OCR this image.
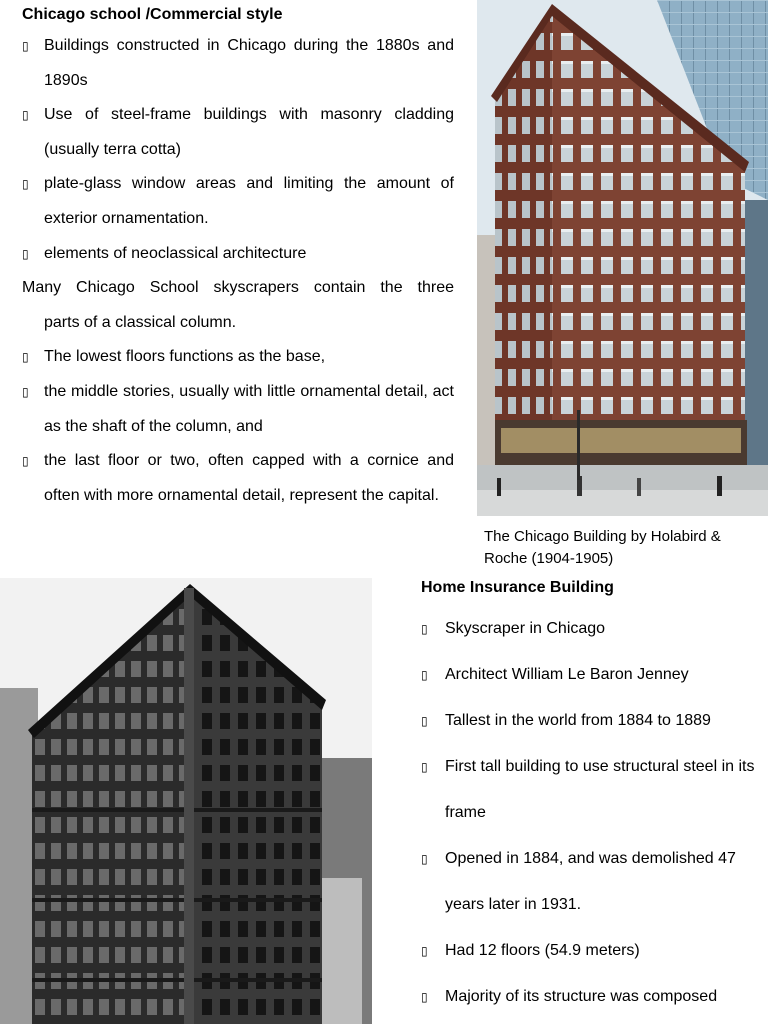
Chicago school /Commercial style
▯ Buildings constructed in Chicago during the 1880s and 1890s
▯ Use of steel-frame buildings with masonry cladding (usually terra cotta)
▯ plate-glass window areas and limiting the amount of exterior ornamentation.
▯ elements of neoclassical architecture
Many Chicago School skyscrapers contain the three
parts of a classical column.
▯ The lowest floors functions as the base,
▯ the middle stories, usually with little ornamental detail, act as the shaft of the column, and
▯ the last floor or two, often capped with a cornice and often with more ornamental detail, represent the capital.
The Chicago Building by Holabird & Roche (1904-1905)
Home Insurance Building
▯ Skyscraper in Chicago
▯ Architect William Le Baron Jenney
▯ Tallest in the world from 1884 to 1889
▯ First tall building to use structural steel in its frame
▯ Opened in 1884, and was demolished 47 years later in 1931.
▯ Had 12 floors (54.9 meters)
▯ Majority of its structure was composed
